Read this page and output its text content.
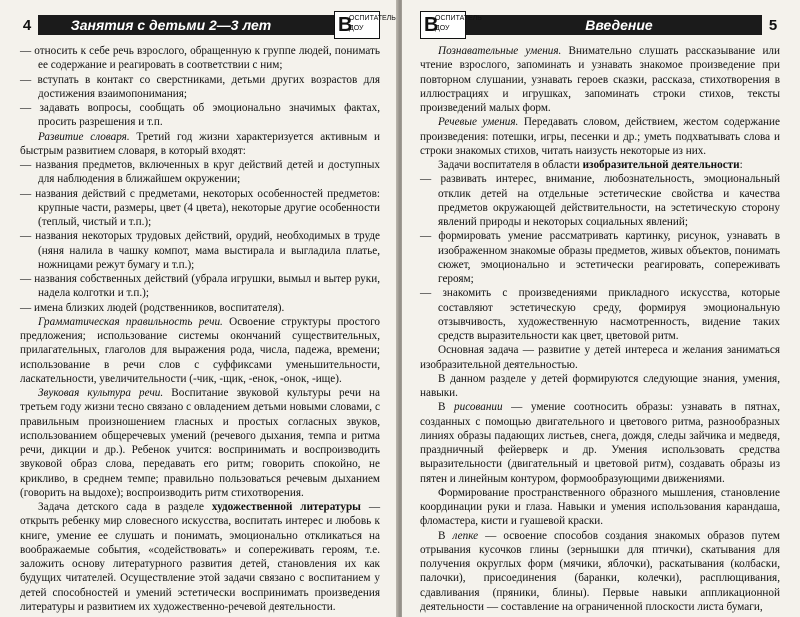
4	Занятия с детьми 2—3 лет	В
ОСПИТАТЕЛЬ
ДОУ

— относить к себе речь взрослого, обращенную к группе людей, понимать ее содержание и реагировать в соответствии с ним;

— вступать в контакт со сверстниками, детьми других возрастов для достижения взаимопонимания;

— задавать вопросы, сообщать об эмоционально значимых фактах, просить разрешения и т.п.

Развитие словаря. Третий год жизни характеризуется активным и быстрым развитием словаря, в который входят:

— названия предметов, включенных в круг действий детей и доступных для наблюдения в ближайшем окружении;

— названия действий с предметами, некоторых особенностей предметов: крупные части, размеры, цвет (4 цвета), некоторые другие особенности (теплый, чистый и т.п.);

— названия некоторых трудовых действий, орудий, необходимых в труде (няня налила в чашку компот, мама выстирала и выгладила платье, ножницами режут бумагу и т.п.);

— названия собственных действий (убрала игрушки, вымыл и вытер руки, надела колготки и т.п.);

— имена близких людей (родственников, воспитателя).

Грамматическая правильность речи. Освоение структуры простого предложения; использование системы окончаний существительных, прилагательных, глаголов для выражения рода, числа, падежа, времени; использование в речи слов с суффиксами уменьшительности, ласкательности, увеличительности (-чик, -щик, -енок, -онок, -ище).

Звуковая культура речи. Воспитание звуковой культуры речи на третьем году жизни тесно связано с овладением детьми новыми словами, с правильным произношением гласных и простых согласных звуков, использованием общеречевых умений (речевого дыхания, темпа и ритма речи, дикции и др.). Ребенок учится: воспринимать и воспроизводить звуковой образ слова, передавать его ритм; говорить спокойно, не крикливо, в среднем темпе; правильно пользоваться речевым дыханием (говорить на выдохе); воспроизводить ритм стихотворения.

Задача детского сада в разделе художественной литературы — открыть ребенку мир словесного искусства, воспитать интерес и любовь к книге, умение ее слушать и понимать, эмоционально откликаться на воображаемые события, «содействовать» и сопереживать героям, т.е. заложить основу литературного развития детей, становления их как будущих читателей. Осуществление этой задачи связано с воспитанием у детей способностей и умений эстетически воспринимать произведения литературы и развитием их художественно-речевой деятельности.

В
ОСПИТАТЕЛЬ
ДОУ	Введение	5

Познавательные умения. Внимательно слушать рассказывание или чтение взрослого, запоминать и узнавать знакомое произведение при повторном слушании, узнавать героев сказки, рассказа, стихотворения в иллюстрациях и игрушках, запоминать строки стихов, тексты произведений малых форм.

Речевые умения. Передавать словом, действием, жестом содержание произведения: потешки, игры, песенки и др.; уметь подхватывать слова и строки знакомых стихов, читать наизусть некоторые из них.

Задачи воспитателя в области изобразительной деятельности:

— развивать интерес, внимание, любознательность, эмоциональный отклик детей на отдельные эстетические свойства и качества предметов окружающей действительности, на эстетическую сторону явлений природы и некоторых социальных явлений;

— формировать умение рассматривать картинку, рисунок, узнавать в изображенном знакомые образы предметов, живых объектов, понимать сюжет, эмоционально и эстетически реагировать, сопереживать героям;

— знакомить с произведениями прикладного искусства, которые составляют эстетическую среду, формируя эмоциональную отзывчивость, художественную насмотренность, видение таких средств выразительности как цвет, цветовой ритм.

Основная задача — развитие у детей интереса и желания заниматься изобразительной деятельностью.

В данном разделе у детей формируются следующие знания, умения, навыки.

В рисовании — умение соотносить образы: узнавать в пятнах, созданных с помощью двигательного и цветового ритма, разнообразных линиях образы падающих листьев, снега, дождя, следы зайчика и медведя, праздничный фейерверк и др. Умения использовать средства выразительности (двигательный и цветовой ритм), создавать образы из пятен и линейным контуром, формообразующими движениями.

Формирование пространственного образного мышления, становление координации руки и глаза. Навыки и умения использования карандаша, фломастера, кисти и гуашевой краски.

В лепке — освоение способов создания знакомых образов путем отрывания кусочков глины (зернышки для птички), скатывания для получения округлых форм (мячики, яблочки), раскатывания (колбаски, палочки), присоединения (баранки, колечки), расплющивания, сдавливания (пряники, блины). Первые навыки аппликационной деятельности — составление на ограниченной плоскости листа бумаги,
